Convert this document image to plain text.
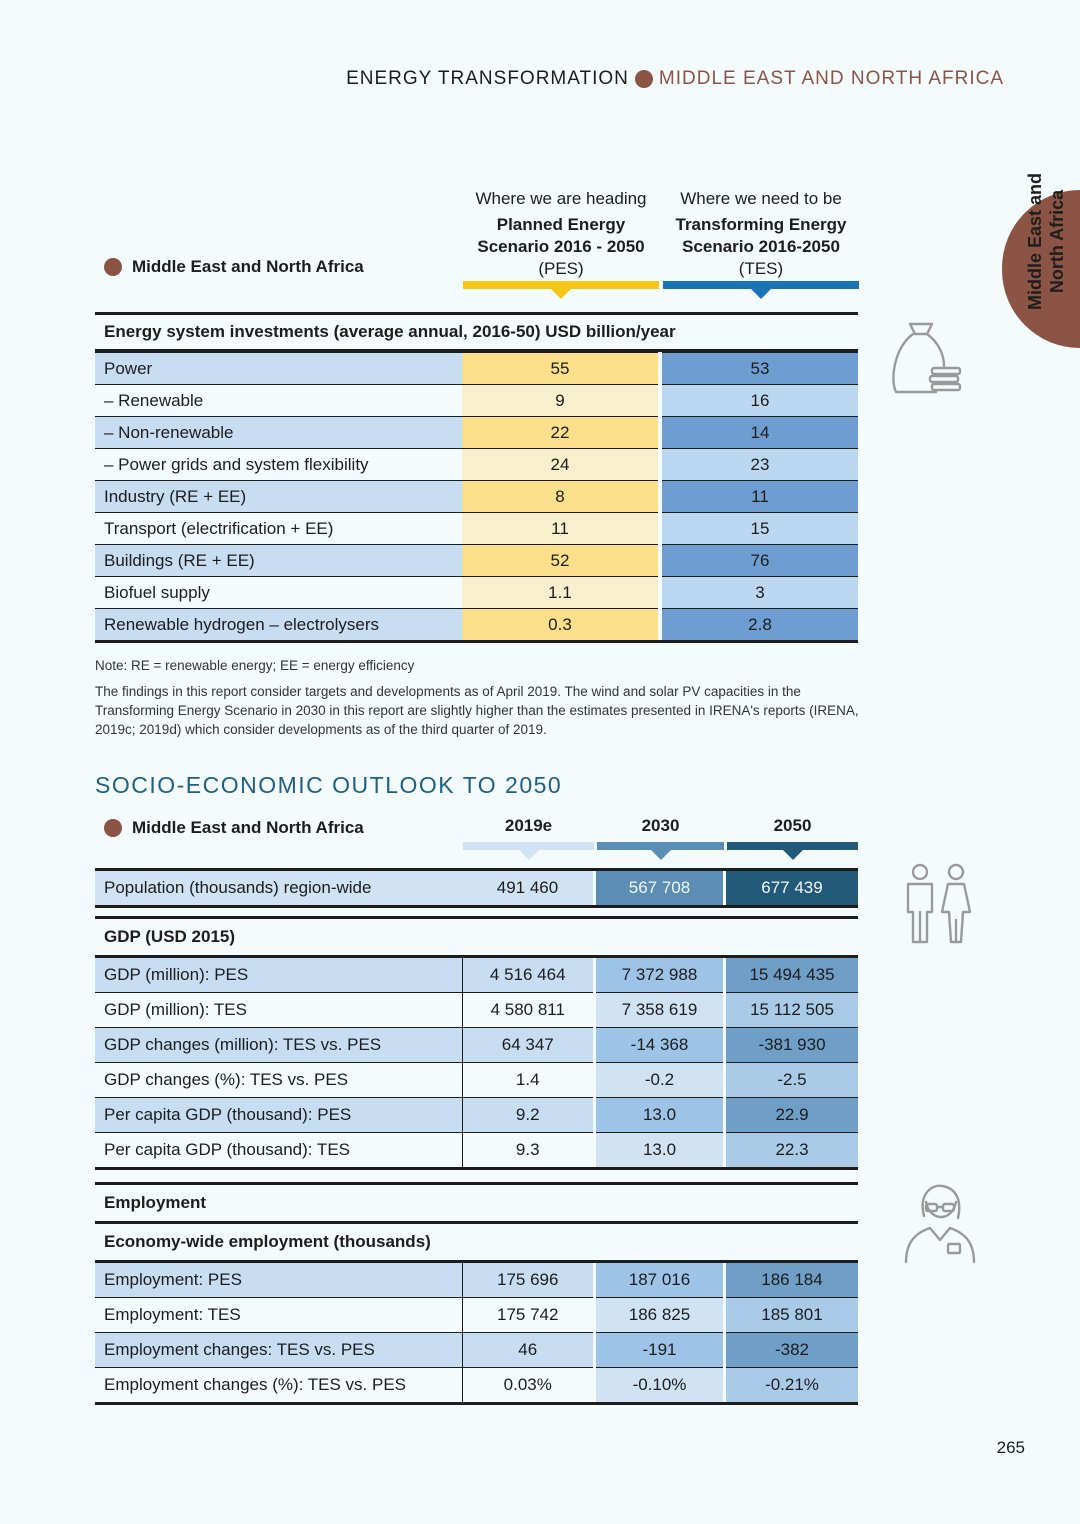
ENERGY TRANSFORMATION MIDDLE EAST AND NORTH AFRICA
Middle East and North Africa
Middle East and North Africa
Where we are heading
Planned Energy
Scenario 2016 - 2050
(PES)
Where we need to be
Transforming Energy
Scenario 2016-2050
(TES)
Energy system investments (average annual, 2016-50) USD billion/year
Power	55		53
– Renewable	9		16
– Non-renewable	22		14
– Power grids and system flexibility	24		23
Industry (RE + EE)	8		11
Transport (electrification + EE)	11		15
Buildings (RE + EE)	52		76
Biofuel supply	1.1		3
Renewable hydrogen – electrolysers	0.3		2.8
Note: RE = renewable energy; EE = energy efficiency
The findings in this report consider targets and developments as of April 2019. The wind and solar PV capacities in the Transforming Energy Scenario in 2030 in this report are slightly higher than the estimates presented in IRENA's reports (IRENA, 2019c; 2019d) which consider developments as of the third quarter of 2019.
SOCIO-ECONOMIC OUTLOOK TO 2050
Middle East and North Africa	2019e	2030	2050
Population (thousands) region-wide	491 460		567 708		677 439
GDP (USD 2015)
GDP (million): PES	4 516 464		7 372 988		15 494 435
GDP (million): TES	4 580 811		7 358 619		15 112 505
GDP changes (million): TES vs. PES	64 347		-14 368		-381 930
GDP changes (%): TES vs. PES	1.4		-0.2		-2.5
Per capita GDP (thousand): PES	9.2		13.0		22.9
Per capita GDP (thousand): TES	9.3		13.0		22.3
Employment
Economy-wide employment (thousands)
Employment: PES	175 696		187 016		186 184
Employment: TES	175 742		186 825		185 801
Employment changes: TES vs. PES	46		-191		-382
Employment changes (%): TES vs. PES	0.03%		-0.10%		-0.21%
265
